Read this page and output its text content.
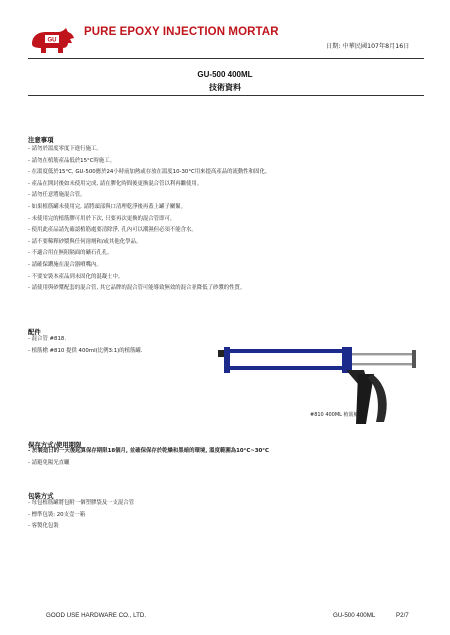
GU
PURE EPOXY INJECTION MORTAR
日期: 中華民國107年8月16日
GU-500 400ML
技術資料
注意事項
- 請勿於溫度零度下進行施工。
- 請勿在植筋產品低於15°C時施工。
- 在溫度低於15°C, GU-500應於24小時前加熱或存放在溫度10-30°C用來提高產品的流動性和固化。
- 產品在開封後如未使用完成, 請在膠化時間後更換混合管以利再繼使用。
- 請勿任意將施混合管。
- 如果植筋罐未使用完, 請將頭部與口清理乾淨後再蓋上罐子關緊。
- 未使用完的植筋膠可用於下次, 只要再次更換的混合管即可。
- 使用此產品請先確認植筋處要清除淨, 孔內可以潮濕但必須不能含水。
- 請不要稀釋砂漿與任何溶劑和/或其他化學品。
- 不適合用在無阻隔面的礦石孔孔。
- 請確保鑽施在混合器噴嘴內。
- 不要安裝本產品到未固化的混凝土中。
- 請使用與砂漿配套的混合管, 其它品牌的混合管可能導致無效的混合並降低了砂漿的性質。
配件
- 混合管 #818.
- 植筋槍 #810 提供 400ml(比例3:1)的植筋罐.
#810 400ML 植筋槍
保存方式/使用期限
- 於製造日的一天後起算保存期限18個月, 並確保保存於乾燥和黑暗的環境, 溫度範圍為10°C~30°C
- 請避免陽光直曬
包裝方式
- 每包植筋罐將包附一個塑膠袋及一支混合管
- 標準包裝: 20支壹一箱
- 客製化包裝
GOOD USE HARDWARE CO., LTD.	GU-500 400ML	P2/7
